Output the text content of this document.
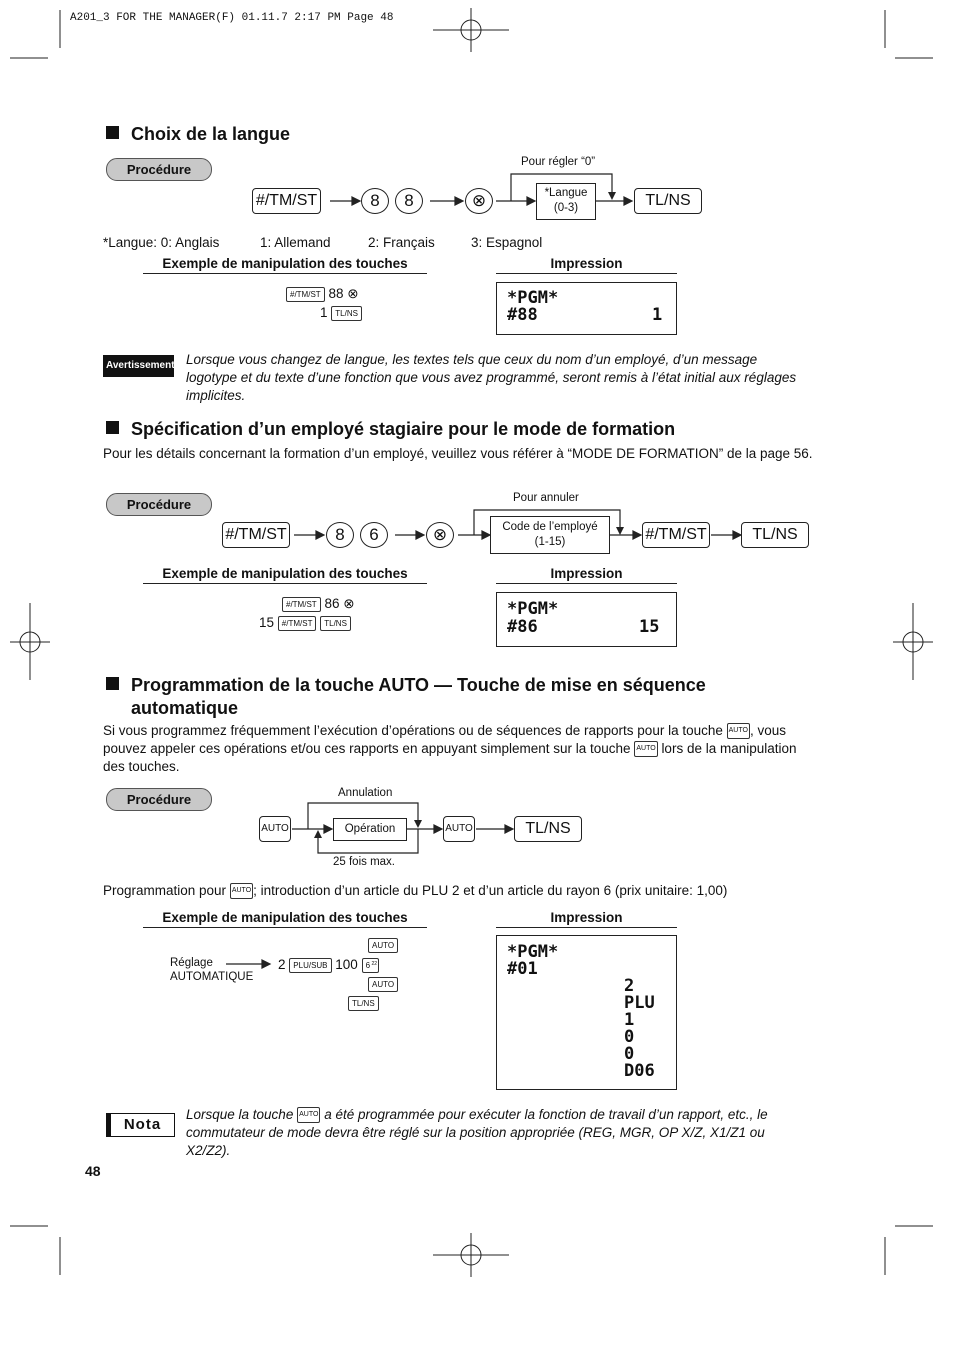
A201_3 FOR THE MANAGER(F) 01.11.7 2:17 PM Page 48
Choix de la langue
Procédure	Pour régler “0”
#/TM/ST	8	8	⊗	*Langue
(0-3)	TL/NS
*Langue: 0: Anglais	1: Allemand	2: Français	3: Espagnol
Exemple de manipulation des touches	Impression
#/TM/ST 88 ⊗
1 TL/NS
*PGM*
#88	1
Avertissement Lorsque vous changez de langue, les textes tels que ceux du nom d’un employé, d’un message logotype et du texte d’une fonction que vous avez programmé, seront remis à l’état initial aux réglages implicites.
Spécification d’un employé stagiaire pour le mode de formation
Pour les détails concernant la formation d’un employé, veuillez vous référer à “MODE DE FORMATION” de la page 56.
Procédure	Pour annuler
#/TM/ST	8	6	⊗	Code de l’employé
(1-15)	#/TM/ST	TL/NS
Exemple de manipulation des touches	Impression
#/TM/ST 86 ⊗
15 #/TM/ST TL/NS
*PGM*
#86	15
Programmation de la touche AUTO — Touche de mise en séquence automatique
Si vous programmez fréquemment l’exécution d’opérations ou de séquences de rapports pour la touche AUTO , vous pouvez appeler ces opérations et/ou ces rapports en appuyant simplement sur la touche AUTO lors de la manipulation des touches.
Procédure	Annulation
AUTO	Opération	AUTO	TL/NS
25 fois max.
Programmation pour AUTO ; introduction d’un article du PLU 2 et d’un article du rayon 6 (prix unitaire: 1,00)
Exemple de manipulation des touches	Impression
Réglage
AUTOMATIQUE
AUTO
2 PLU/SUB 100 6 22
AUTO
TL/NS
*PGM*
#01
2
PLU
1
0
0
D06
Nota
Lorsque la touche AUTO a été programmée pour exécuter la fonction de travail d’un rapport, etc., le commutateur de mode devra être réglé sur la position appropriée (REG, MGR, OP X/Z, X1/Z1 ou X2/Z2).
48
